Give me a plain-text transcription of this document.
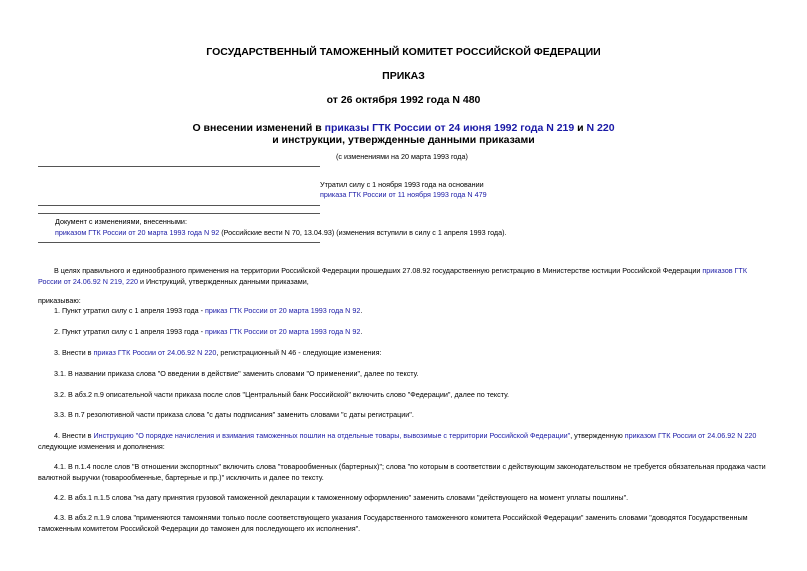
ГОСУДАРСТВЕННЫЙ ТАМОЖЕННЫЙ КОМИТЕТ РОССИЙСКОЙ ФЕДЕРАЦИИ
ПРИКАЗ
от 26 октября 1992 года N 480
О внесении изменений в приказы ГТК России от 24 июня 1992 года N 219 и N 220
и инструкции, утвержденные данными приказами
(с изменениями на 20 марта 1993 года)
Утратил силу с 1 ноября 1993 года на основании
приказа ГТК России от 11 ноября 1993 года N 479
Документ с изменениями, внесенными:
приказом ГТК России от 20 марта 1993 года N 92 (Российские вести N 70, 13.04.93) (изменения вступили в силу с 1 апреля 1993 года).
В целях правильного и единообразного применения на территории Российской Федерации прошедших 27.08.92 государственную регистрацию в Министерстве юстиции Российской Федерации приказов ГТК России от 24.06.92 N 219, 220 и Инструкций, утвержденных данными приказами,
приказываю:
1. Пункт утратил силу с 1 апреля 1993 года - приказ ГТК России от 20 марта 1993 года N 92.
2. Пункт утратил силу с 1 апреля 1993 года - приказ ГТК России от 20 марта 1993 года N 92.
3. Внести в приказ ГТК России от 24.06.92 N 220, регистрационный N 46 - следующие изменения:
3.1. В названии приказа слова "О введении в действие" заменить словами "О применении", далее по тексту.
3.2. В абз.2 п.9 описательной части приказа после слов "Центральный банк Российской" включить слово "Федерации", далее по тексту.
3.3. В п.7 резолютивной части приказа слова "с даты подписания" заменить словами "с даты регистрации".
4. Внести в Инструкцию "О порядке начисления и взимания таможенных пошлин на отдельные товары, вывозимые с территории Российской Федерации", утвержденную приказом ГТК России от 24.06.92 N 220 следующие изменения и дополнения:
4.1. В п.1.4 после слов "В отношении экспортных" включить слова "товарообменных (бартерных)"; слова "по которым в соответствии с действующим законодательством не требуется обязательная продажа части валютной выручки (товарообменные, бартерные и пр.)" исключить и далее по тексту.
4.2. В абз.1 п.1.5 слова "на дату принятия грузовой таможенной декларации к таможенному оформлению" заменить словами "действующего на момент уплаты пошлины".
4.3. В абз.2 п.1.9 слова "применяются таможнями только после соответствующего указания Государственного таможенного комитета Российской Федерации" заменить словами "доводятся Государственным таможенным комитетом Российской Федерации до таможен для последующего их исполнения".
